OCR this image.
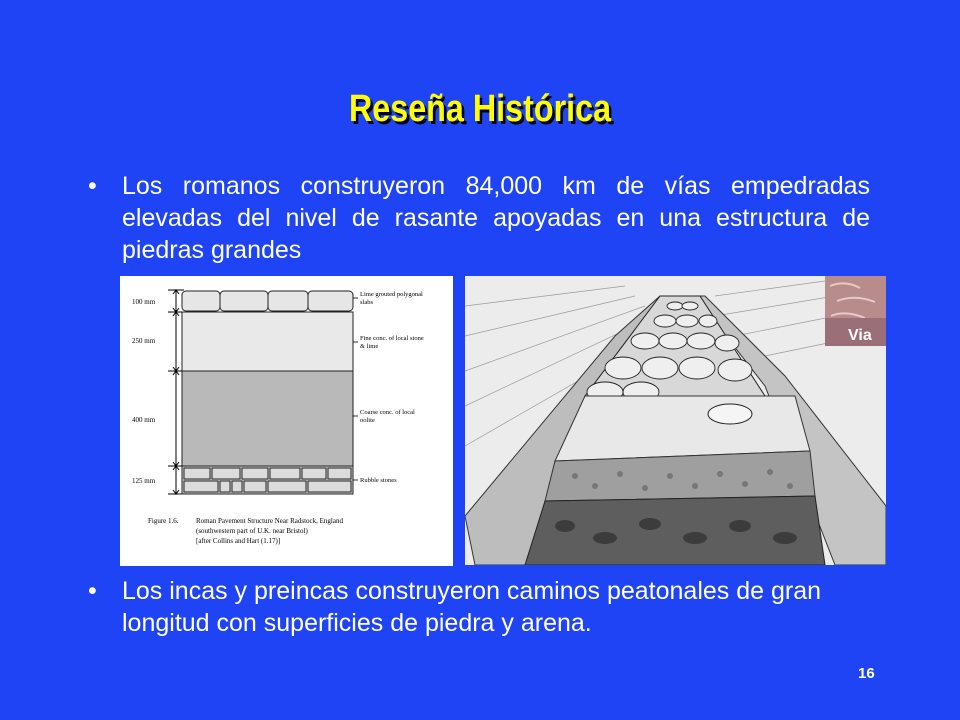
Reseña Histórica
• Los romanos construyeron 84,000 km de vías empedradas elevadas del nivel de rasante apoyadas en una estructura de piedras grandes
100 mm
250 mm
400 mm
125 mm
Lime grouted polygonal
slabs
Fine conc. of local stone
& lime
Coarse conc. of local
oolite
Rubble stones
Figure 1.6. Roman Pavement Structure Near Radstock, England
(southwestern part of U.K. near Bristol)
[after Collins and Hart (1.17)]
Via
• Los incas y preincas construyeron caminos peatonales de gran
longitud con superficies de piedra y arena.
16
